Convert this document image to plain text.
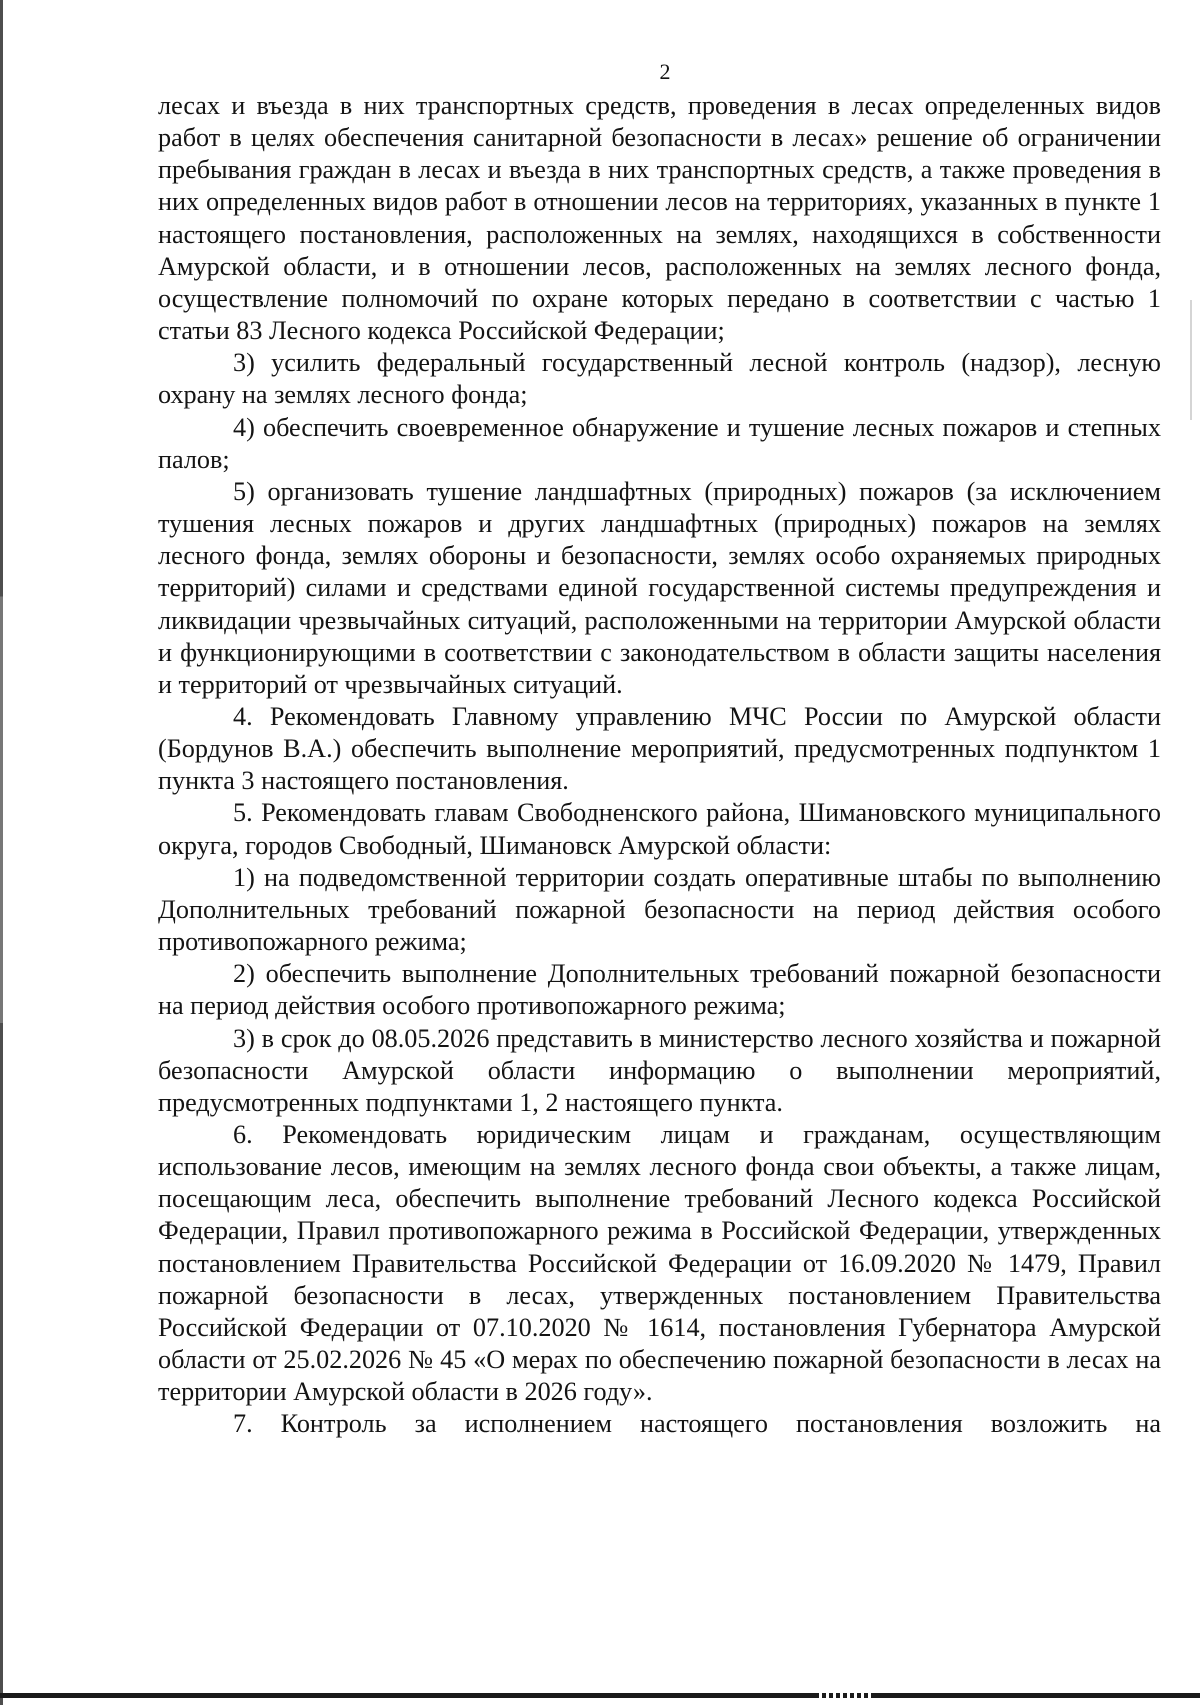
2

лесах и въезда в них транспортных средств, проведения в лесах определенных видов работ в целях обеспечения санитарной безопасности в лесах» решение об ограничении пребывания граждан в лесах и въезда в них транспортных средств, а также проведения в них определенных видов работ в отношении лесов на территориях, указанных в пункте 1 настоящего постановления, расположенных на землях, находящихся в собственности Амурской области, и в отношении лесов, расположенных на землях лесного фонда, осуществление полномочий по охране которых передано в соответствии с частью 1 статьи 83 Лесного кодекса Российской Федерации;

3) усилить федеральный государственный лесной контроль (надзор), лесную охрану на землях лесного фонда;

4) обеспечить своевременное обнаружение и тушение лесных пожаров и степных палов;

5) организовать тушение ландшафтных (природных) пожаров (за исключением тушения лесных пожаров и других ландшафтных (природных) пожаров на землях лесного фонда, землях обороны и безопасности, землях особо охраняемых природных территорий) силами и средствами единой государственной системы предупреждения и ликвидации чрезвычайных ситуаций, расположенными на территории Амурской области и функционирующими в соответствии с законодательством в области защиты населения и территорий от чрезвычайных ситуаций.

4. Рекомендовать Главному управлению МЧС России по Амурской области (Бордунов В.А.) обеспечить выполнение мероприятий, предусмотренных подпунктом 1 пункта 3 настоящего постановления.

5. Рекомендовать главам Свободненского района, Шимановского муниципального округа, городов Свободный, Шимановск Амурской области:

1) на подведомственной территории создать оперативные штабы по выполнению Дополнительных требований пожарной безопасности на период действия особого противопожарного режима;

2) обеспечить выполнение Дополнительных требований пожарной безопасности на период действия особого противопожарного режима;

3) в срок до 08.05.2026 представить в министерство лесного хозяйства и пожарной безопасности Амурской области информацию о выполнении мероприятий, предусмотренных подпунктами 1, 2 настоящего пункта.

6. Рекомендовать юридическим лицам и гражданам, осуществляющим использование лесов, имеющим на землях лесного фонда свои объекты, а также лицам, посещающим леса, обеспечить выполнение требований Лесного кодекса Российской Федерации, Правил противопожарного режима в Российской Федерации, утвержденных постановлением Правительства Российской Федерации от 16.09.2020 № 1479, Правил пожарной безопасности в лесах, утвержденных постановлением Правительства Российской Федерации от 07.10.2020 № 1614, постановления Губернатора Амурской области от 25.02.2026 № 45 «О мерах по обеспечению пожарной безопасности в лесах на территории Амурской области в 2026 году».

7. Контроль за исполнением настоящего постановления возложить на
